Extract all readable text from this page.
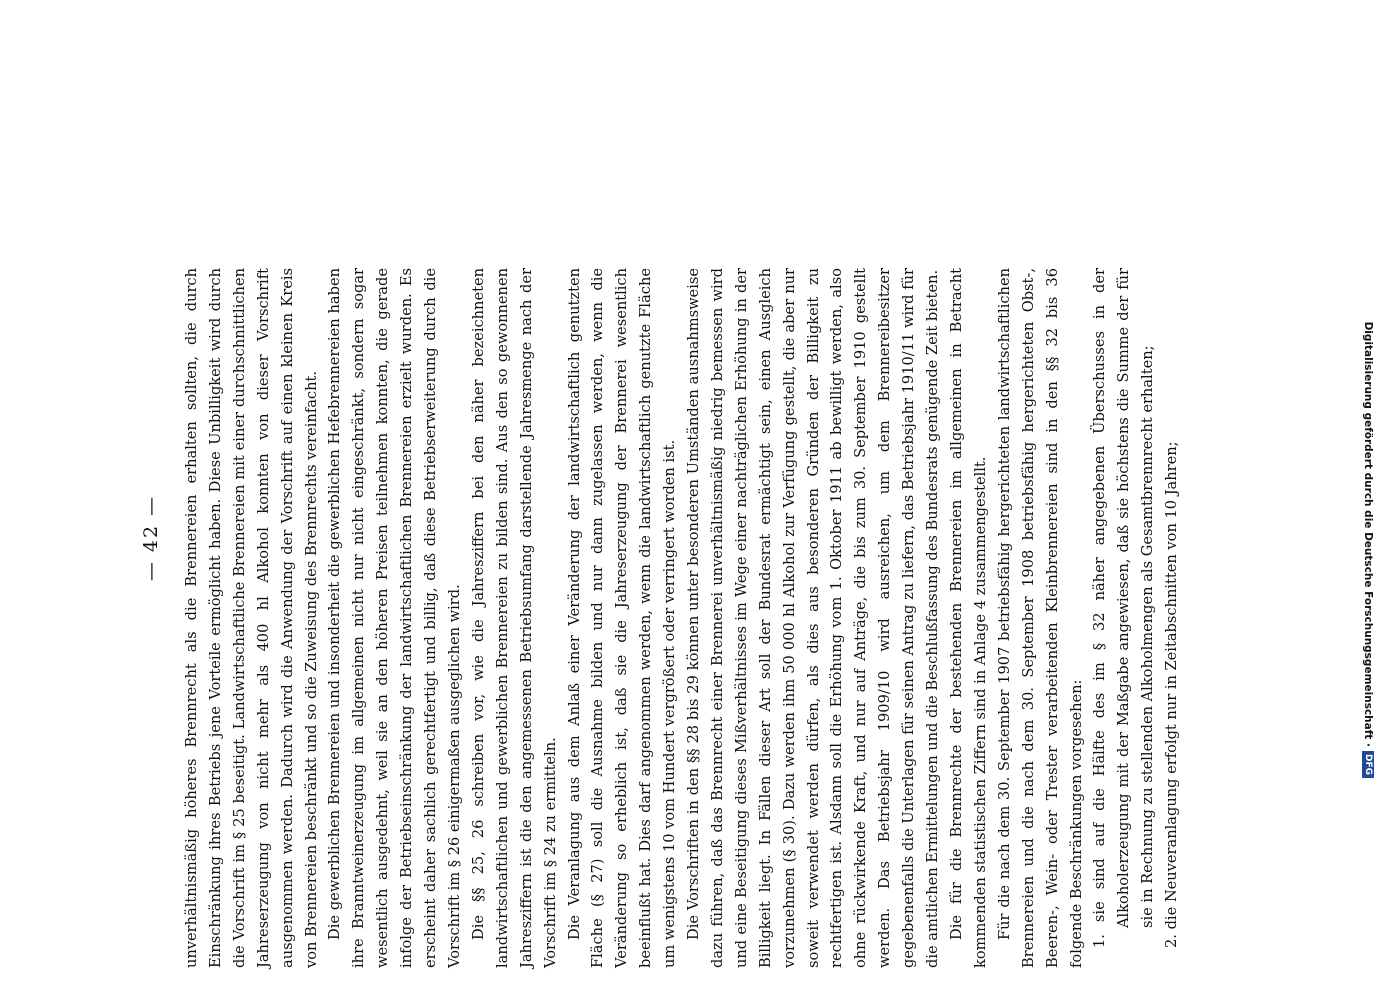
— 42 — unverhältnismäßig höheres Brennrecht als die Brennereien erhalten sollten, die durch Einschränkung ihres Betriebs jene Vorteile ermöglicht haben. Diese Unbilligkeit wird durch die Vorschrift im § 25 beseitigt. Landwirtschaftliche Brennereien mit einer durchschnittlichen Jahreserzeugung von nicht mehr als 400 hl Alkohol konnten von dieser Vorschrift ausgenommen werden. Dadurch wird die Anwendung der Vorschrift auf einen kleinen Kreis von Brennereien beschränkt und so die Zuweisung des Brennrechts vereinfacht. Die gewerblichen Brennereien und insonderheit die gewerblichen Hefebrennereien haben ihre Branntweinerzeugung im allgemeinen nicht nur nicht eingeschränkt, sondern sogar wesentlich ausgedehnt, weil sie an den höheren Preisen teilnehmen konnten, die gerade infolge der Betriebseinschränkung der landwirtschaftlichen Brennereien erzielt wurden. Es erscheint daher sachlich gerechtfertigt und billig, daß diese Betriebserweiterung durch die Vorschrift im § 26 einigermaßen ausgeglichen wird. Die §§ 25, 26 schreiben vor, wie die Jahresziffern bei den näher bezeichneten landwirtschaftlichen und gewerblichen Brennereien zu bilden sind. Aus den so gewonnenen Jahresziffern ist die den angemessenen Betriebsumfang darstellende Jahresmenge nach der Vorschrift im § 24 zu ermitteln. Die Veranlagung aus dem Anlaß einer Veränderung der landwirtschaftlich genutzten Fläche (§ 27) soll die Ausnahme bilden und nur dann zugelassen werden, wenn die Veränderung so erheblich ist, daß sie die Jahreserzeugung der Brennerei wesentlich beeinflußt hat. Dies darf angenommen werden, wenn die landwirtschaftlich genutzte Fläche um wenigstens 10 vom Hundert vergrößert oder verringert worden ist. Die Vorschriften in den §§ 28 bis 29 können unter besonderen Umständen ausnahmsweise dazu führen, daß das Brennrecht einer Brennerei unverhältnismäßig niedrig bemessen wird und eine Beseitigung dieses Mißverhältnisses im Wege einer nachträglichen Erhöhung in der Billigkeit liegt. In Fällen dieser Art soll der Bundesrat ermächtigt sein, einen Ausgleich vorzunehmen (§ 30). Dazu werden ihm 50 000 hl Alkohol zur Verfügung gestellt, die aber nur soweit verwendet werden dürfen, als dies aus besonderen Gründen der Billigkeit zu rechtfertigen ist. Alsdann soll die Erhöhung vom 1. Oktober 1911 ab bewilligt werden, also ohne rückwirkende Kraft, und nur auf Anträge, die bis zum 30. September 1910 gestellt werden. Das Betriebsjahr 1909/10 wird ausreichen, um dem Brennereibesitzer gegebenenfalls die Unterlagen für seinen Antrag zu liefern, das Betriebsjahr 1910/11 wird für die amtlichen Ermittelungen und die Beschlußfassung des Bundesrats genügende Zeit bieten. Die für die Brennrechte der bestehenden Brennereien im allgemeinen in Betracht kommenden statistischen Ziffern sind in Anlage 4 zusammengestellt. Für die nach dem 30. September 1907 betriebsfähig hergerichteten landwirtschaftlichen Brennereien und die nach dem 30. September 1908 betriebsfähig hergerichteten Obst-, Beeren-, Wein- oder Trester verarbeitenden Kleinbrennereien sind in den §§ 32 bis 36 folgende Beschränkungen vorgesehen: 1. sie sind auf die Hälfte des im § 32 näher angegebenen Überschusses in der Alkoholerzeugung mit der Maßgabe angewiesen, daß sie höchstens die Summe der für sie in Rechnung zu stellenden Alkoholmengen als Gesamtbrennrecht erhalten; 2. die Neuveranlagung erfolgt nur in Zeitabschnitten von 10 Jahren;	Digitalisierung gefördert durch die Deutsche Forschungsgemeinschaft ·DFG
